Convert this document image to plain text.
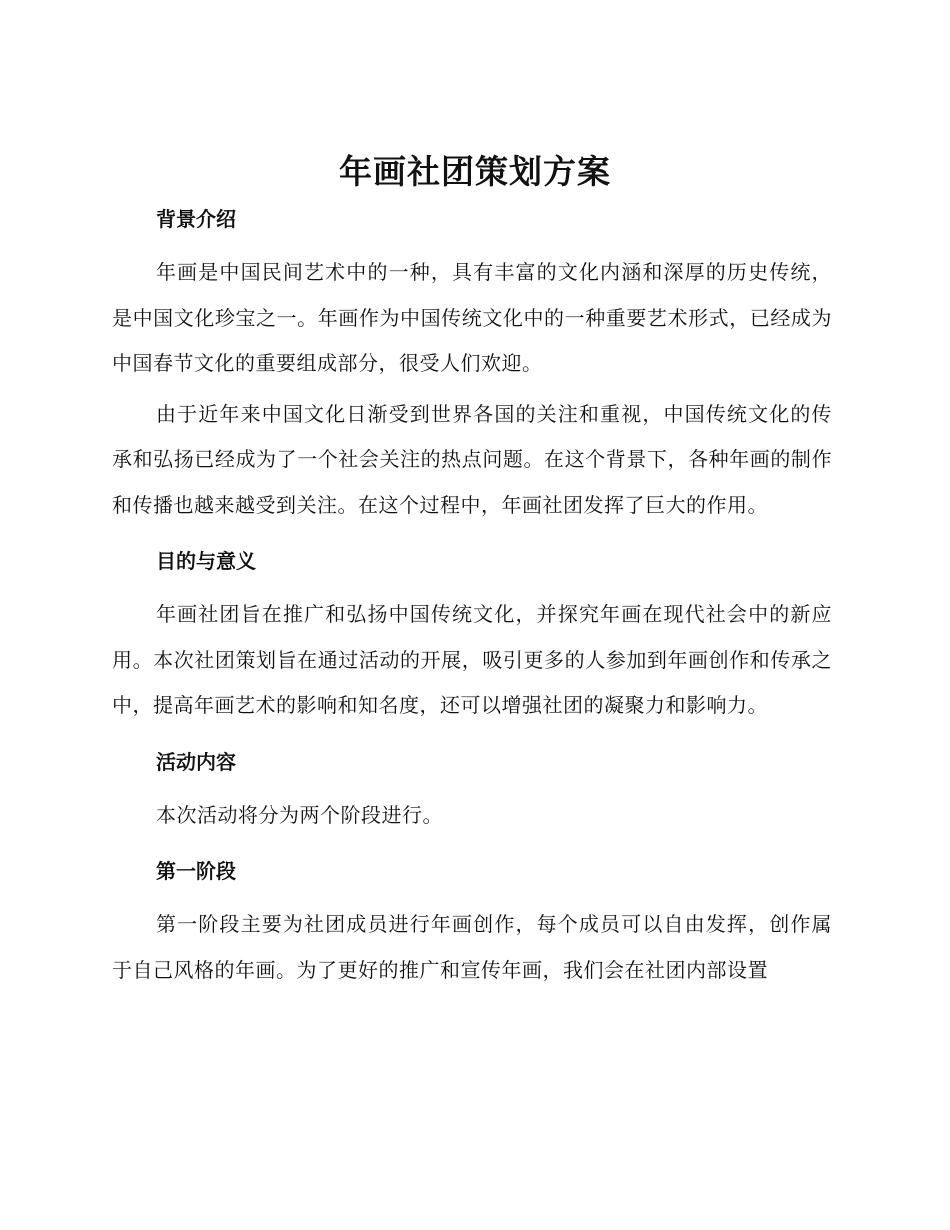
年画社团策划方案
背景介绍

年画是中国民间艺术中的一种，具有丰富的文化内涵和深厚的历史传统，是中国文化珍宝之一。年画作为中国传统文化中的一种重要艺术形式，已经成为中国春节文化的重要组成部分，很受人们欢迎。

由于近年来中国文化日渐受到世界各国的关注和重视，中国传统文化的传承和弘扬已经成为了一个社会关注的热点问题。在这个背景下，各种年画的制作和传播也越来越受到关注。在这个过程中，年画社团发挥了巨大的作用。

目的与意义

年画社团旨在推广和弘扬中国传统文化，并探究年画在现代社会中的新应用。本次社团策划旨在通过活动的开展，吸引更多的人参加到年画创作和传承之中，提高年画艺术的影响和知名度，还可以增强社团的凝聚力和影响力。

活动内容

本次活动将分为两个阶段进行。

第一阶段

第一阶段主要为社团成员进行年画创作，每个成员可以自由发挥，创作属于自己风格的年画。为了更好的推广和宣传年画，我们会在社团内部设置
